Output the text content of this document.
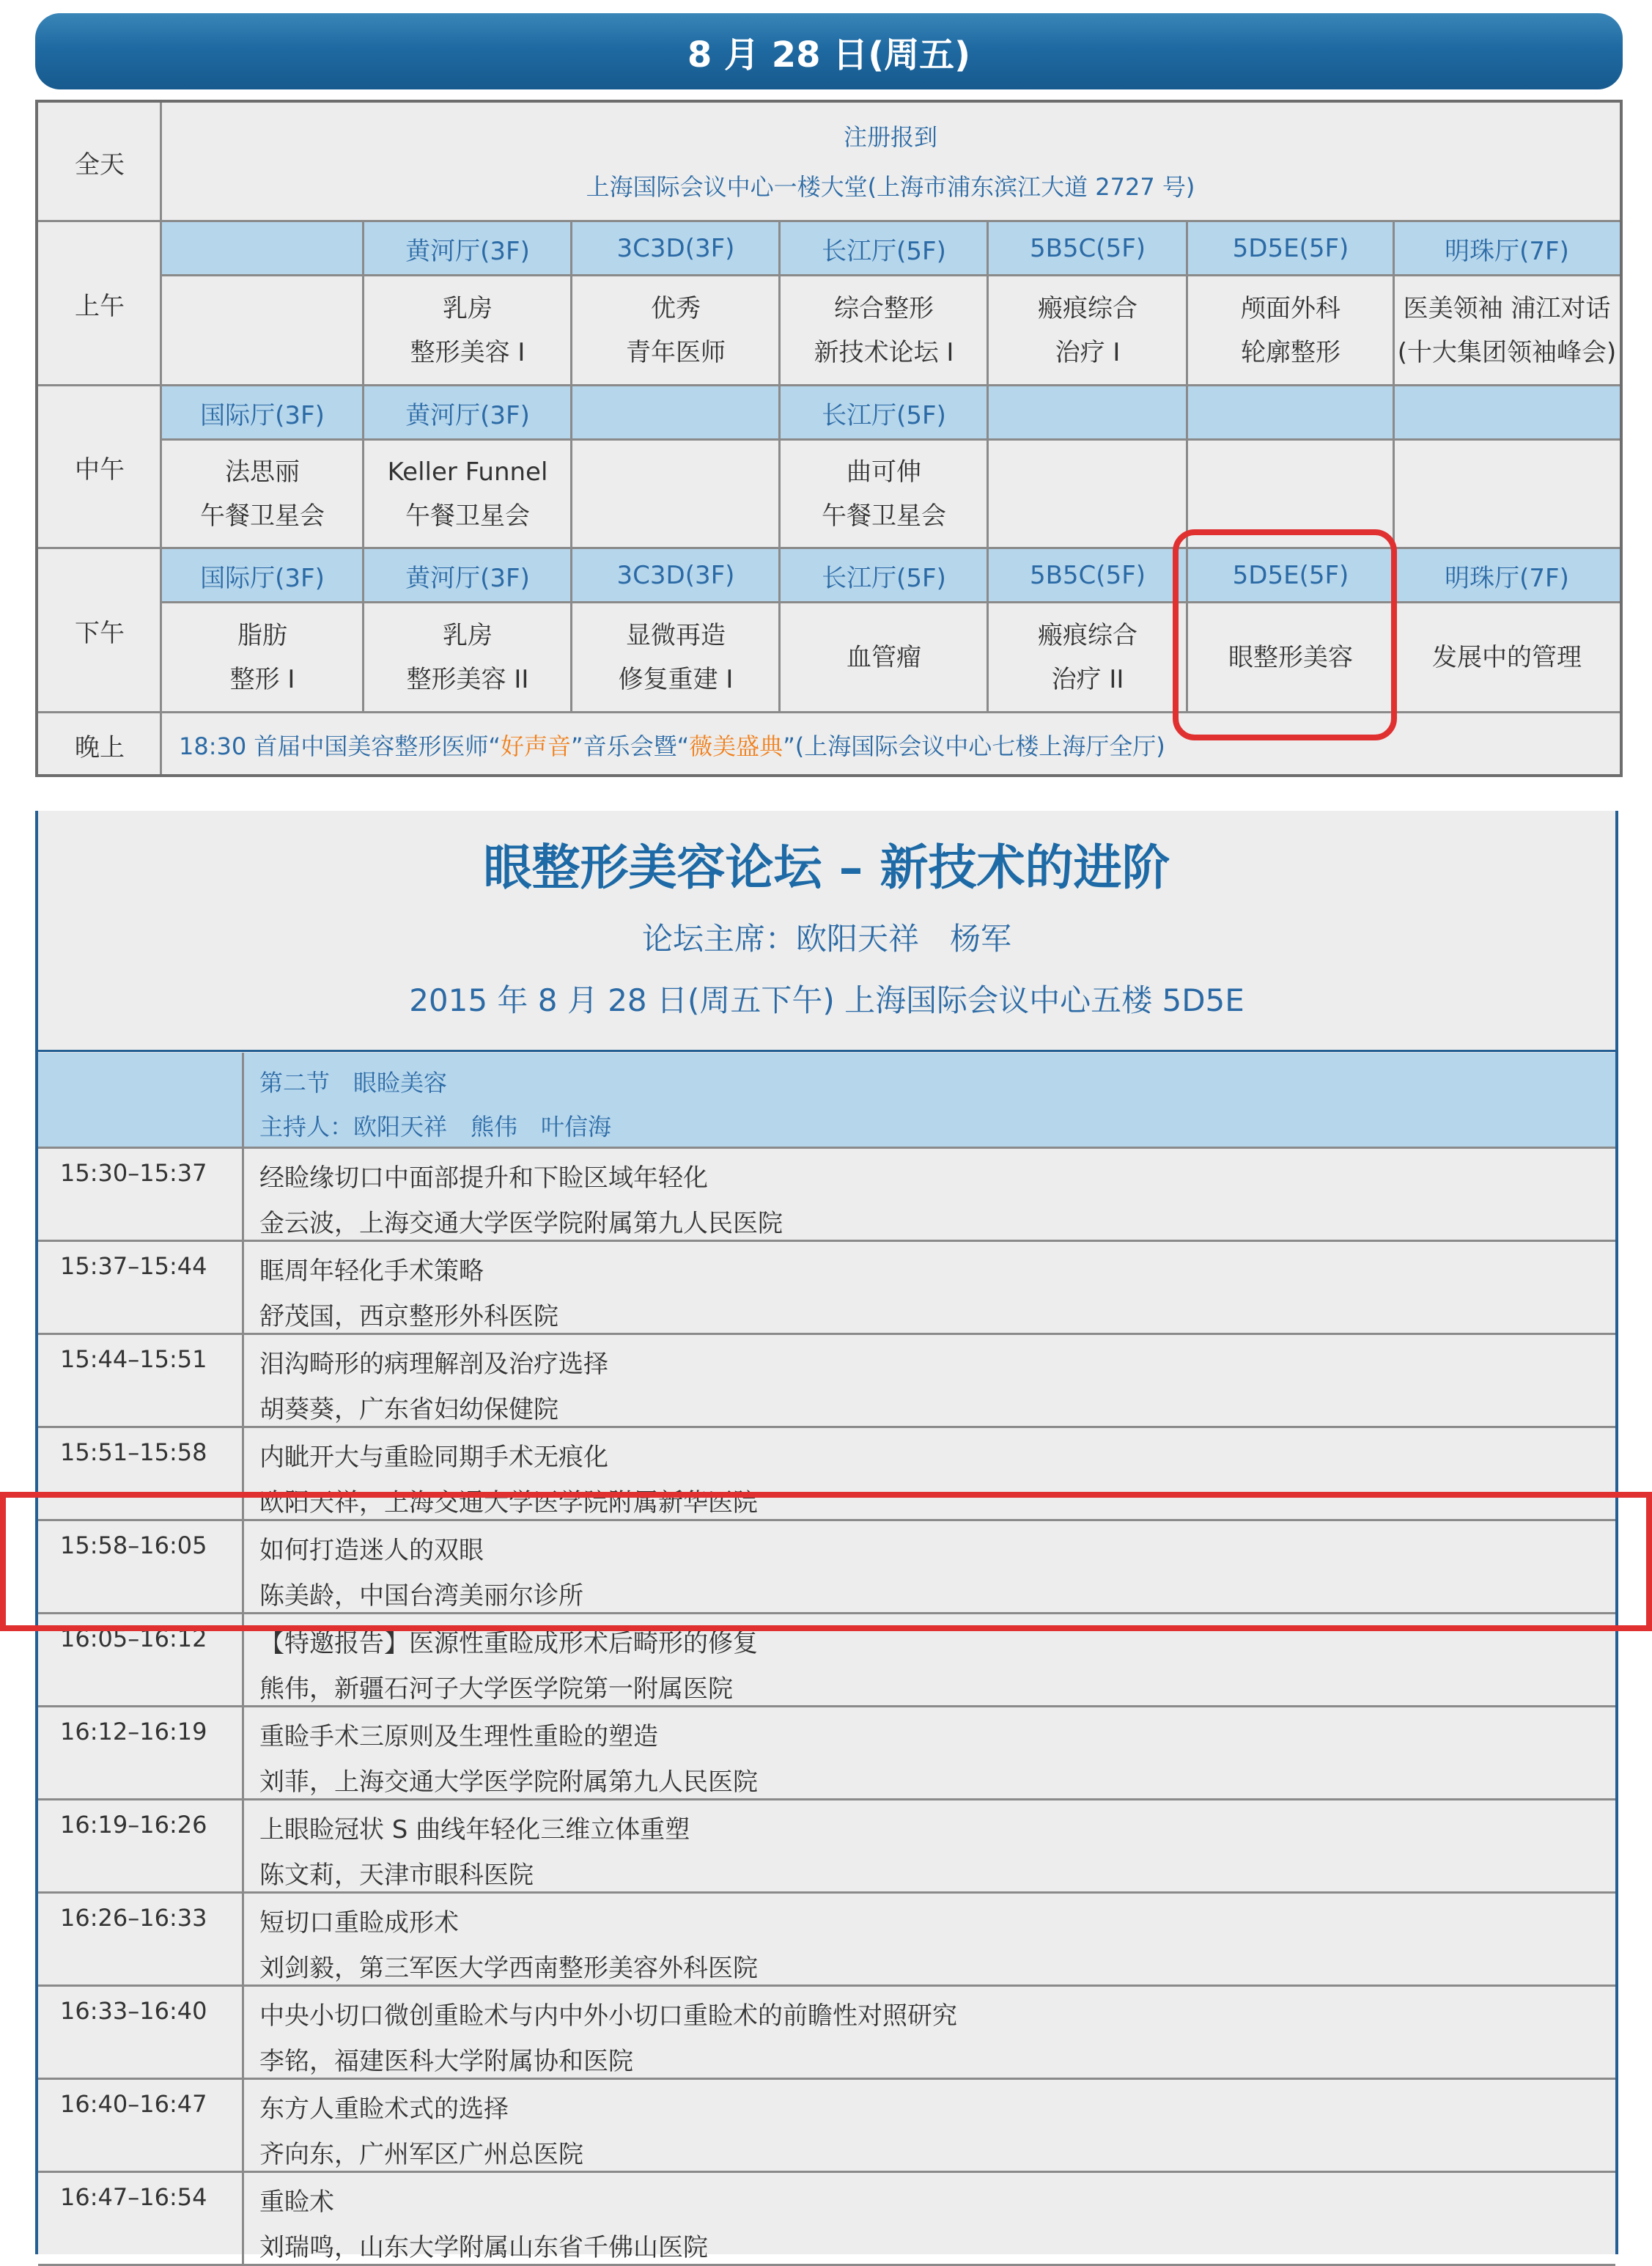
8 月 28 日(周五)
全天
上午
中午
下午
晚上
注册报到
上海国际会议中心一楼大堂(上海市浦东滨江大道 2727 号)
黄河厅(3F)
乳房
整形美容 I
3C3D(3F)
优秀
青年医师
长江厅(5F)
综合整形
新技术论坛 I
5B5C(5F)
瘢痕综合
治疗 I
5D5E(5F)
颅面外科
轮廓整形
明珠厅(7F)
医美领袖 浦江对话
(十大集团领袖峰会)
国际厅(3F)
法思丽
午餐卫星会
黄河厅(3F)
Keller Funnel
午餐卫星会
长江厅(5F)
曲可伸
午餐卫星会
国际厅(3F)
脂肪
整形 I
黄河厅(3F)
乳房
整形美容 II
3C3D(3F)
显微再造
修复重建 I
长江厅(5F)
血管瘤
5B5C(5F)
瘢痕综合
治疗 II
5D5E(5F)
眼整形美容
明珠厅(7F)
发展中的管理
18:30 首届中国美容整形医师“ 好声音 ”音乐会暨“ 薇美盛典 ”(上海国际会议中心七楼上海厅全厅)
眼整形美容论坛 – 新技术的进阶
论坛主席：欧阳天祥　杨军
2015 年 8 月 28 日(周五下午) 上海国际会议中心五楼 5D5E
第二节　眼睑美容
主持人：欧阳天祥　熊伟　叶信海
15:30–15:37 经睑缘切口中面部提升和下睑区域年轻化
金云波，上海交通大学医学院附属第九人民医院
15:37–15:44 眶周年轻化手术策略
舒茂国，西京整形外科医院
15:44–15:51 泪沟畸形的病理解剖及治疗选择
胡葵葵，广东省妇幼保健院
15:51–15:58 内眦开大与重睑同期手术无痕化
欧阳天祥，上海交通大学医学院附属新华医院
15:58–16:05 如何打造迷人的双眼
陈美龄，中国台湾美丽尔诊所
16:05–16:12 【特邀报告】医源性重睑成形术后畸形的修复
熊伟，新疆石河子大学医学院第一附属医院
16:12–16:19 重睑手术三原则及生理性重睑的塑造
刘菲，上海交通大学医学院附属第九人民医院
16:19–16:26 上眼睑冠状 S 曲线年轻化三维立体重塑
陈文莉，天津市眼科医院
16:26–16:33 短切口重睑成形术
刘剑毅，第三军医大学西南整形美容外科医院
16:33–16:40 中央小切口微创重睑术与内中外小切口重睑术的前瞻性对照研究
李铭，福建医科大学附属协和医院
16:40–16:47 东方人重睑术式的选择
齐向东，广州军区广州总医院
16:47–16:54 重睑术
刘瑞鸣，山东大学附属山东省千佛山医院
